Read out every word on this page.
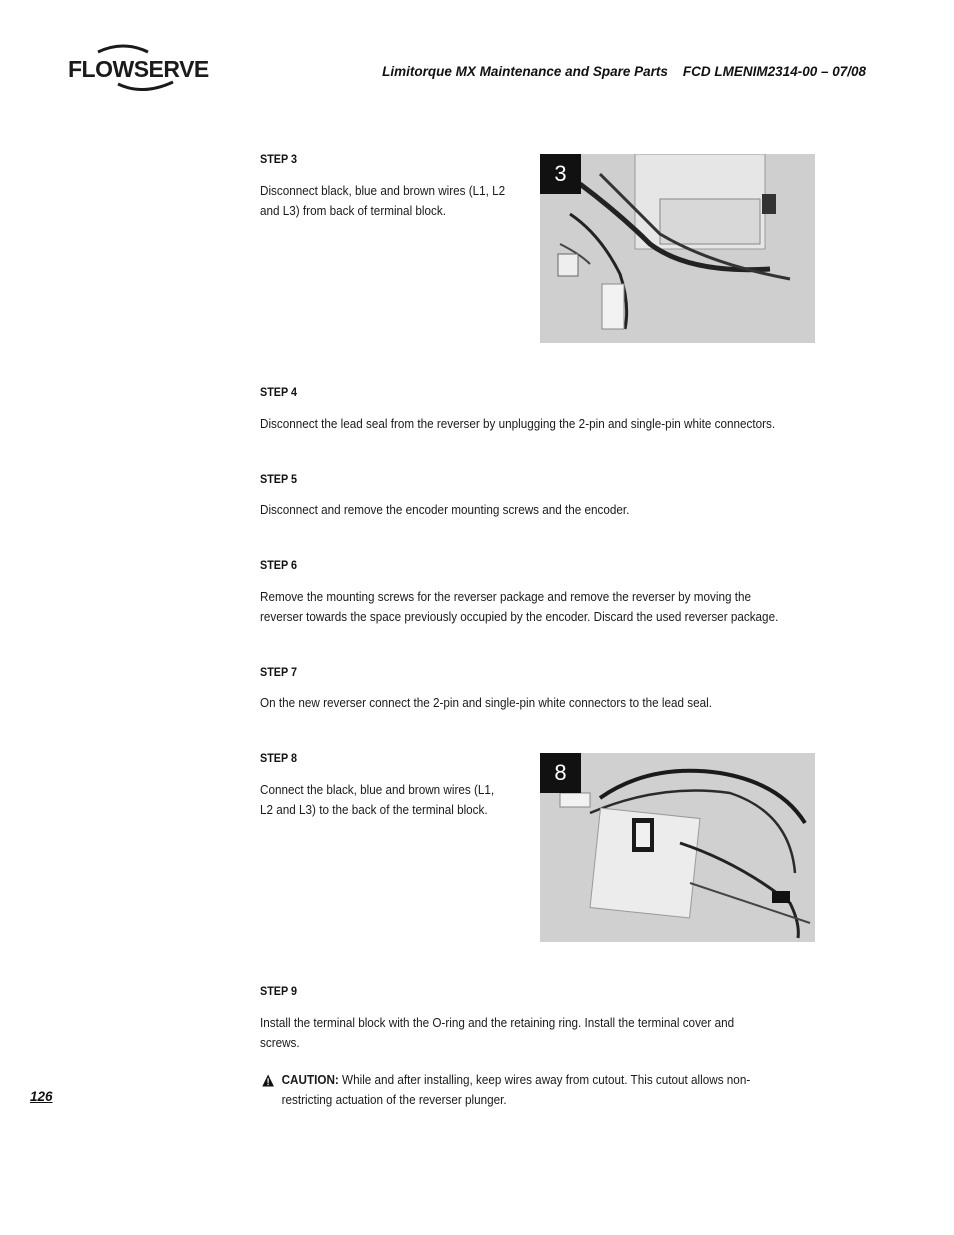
FLOWSERVE	Limitorque MX Maintenance and Spare Parts    FCD LMENIM2314-00 – 07/08
STEP 3
Disconnect black, blue and brown wires (L1, L2 and L3) from back of terminal block.
3
STEP 4
Disconnect the lead seal from the reverser by unplugging the 2-pin and single-pin white connectors.
STEP 5
Disconnect and remove the encoder mounting screws and the encoder.
STEP 6
Remove the mounting screws for the reverser package and remove the reverser by moving the reverser towards the space previously occupied by the encoder. Discard the used reverser package.
STEP 7
On the new reverser connect the 2-pin and single-pin white connectors to the lead seal.
STEP 8
Connect the black, blue and brown wires (L1, L2 and L3) to the back of the terminal block.
8
STEP 9
Install the terminal block with the O-ring and the retaining ring. Install the terminal cover and screws.
CAUTION: While and after installing, keep wires away from cutout. This cutout allows non-restricting actuation of the reverser plunger.
126
